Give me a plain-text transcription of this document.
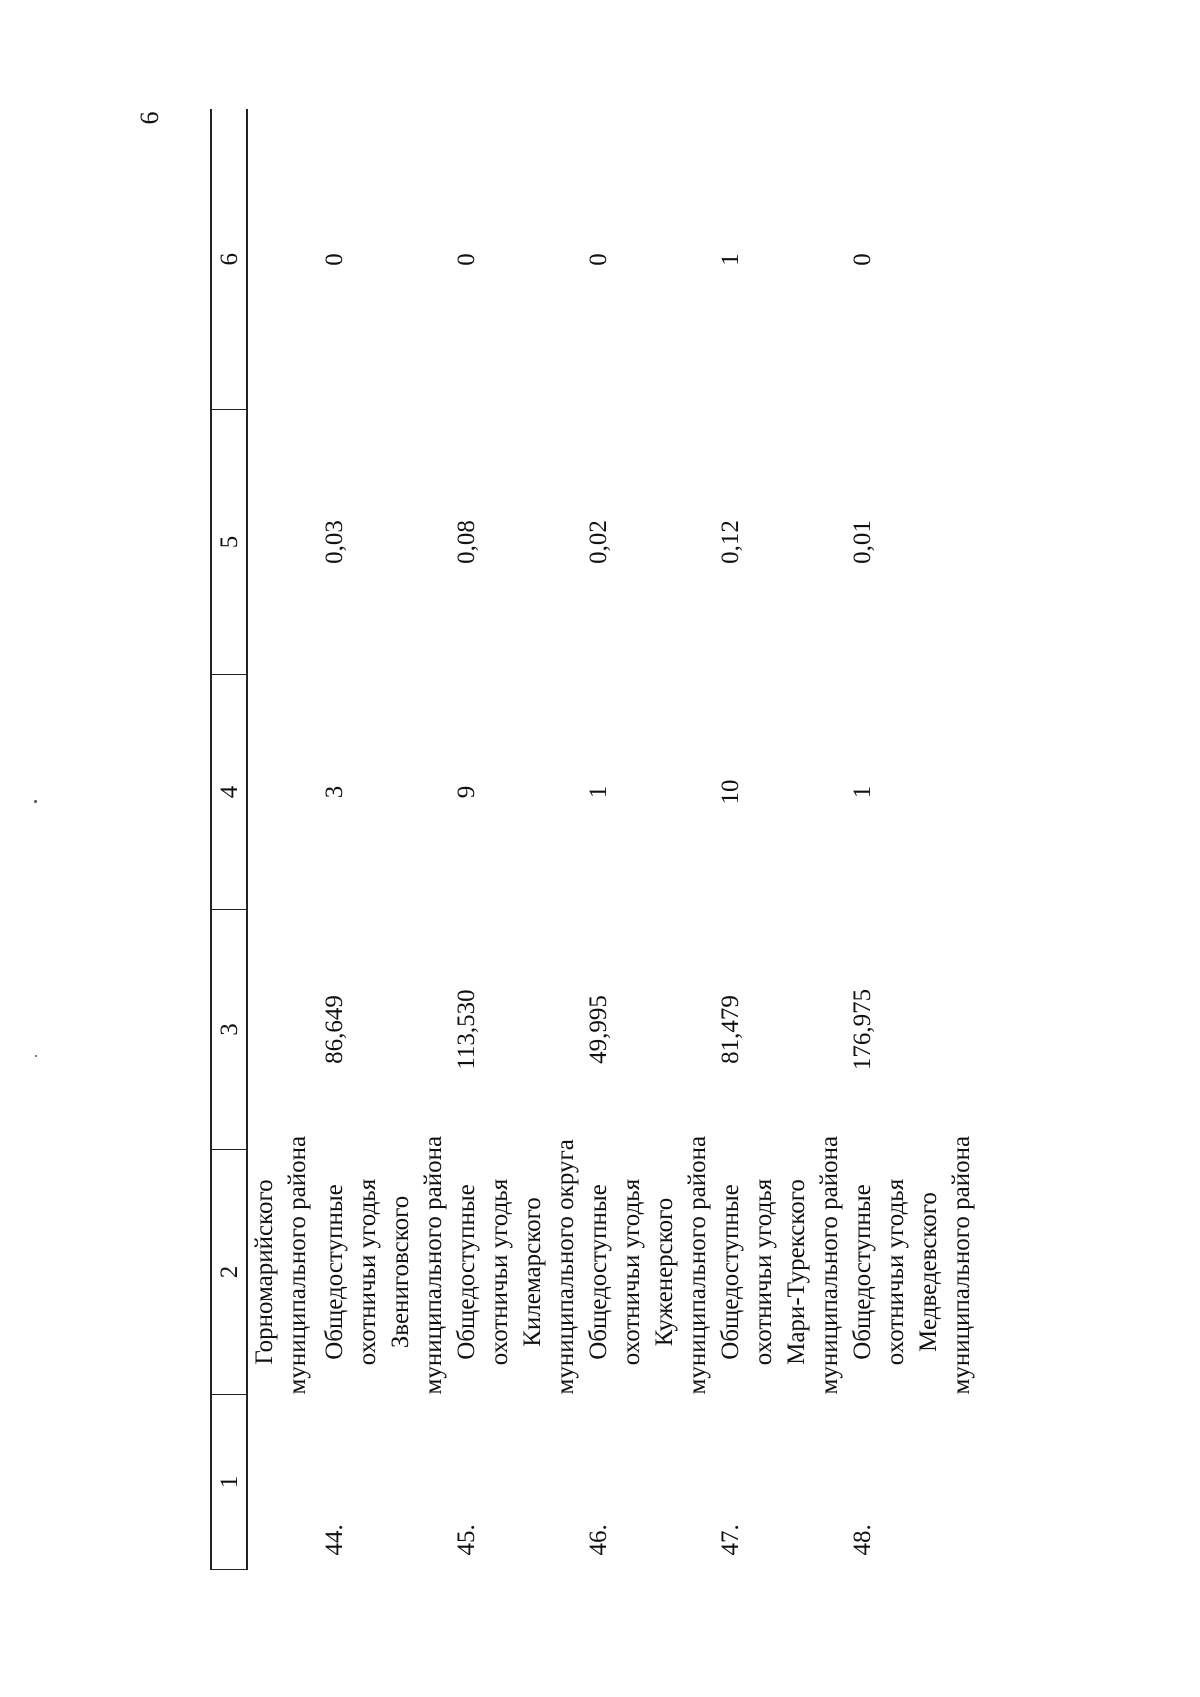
6
1	2	3	4	5	6

	Горномарийского муниципального района				

44.	Общедоступные охотничьи угодья Звениговского муниципального района	86,649	3	0,03	0
45.	Общедоступные охотничьи угодья Килемарского муниципального округа	113,530	9	0,08	0
46.	Общедоступные охотничьи угодья Куженерского муниципального района	49,995	1	0,02	0
47.	Общедоступные охотничьи угодья Мари-Турекского муниципального района	81,479	10	0,12	1
48.	Общедоступные охотничьи угодья Медведевского муниципального района	176,975	1	0,01	0
